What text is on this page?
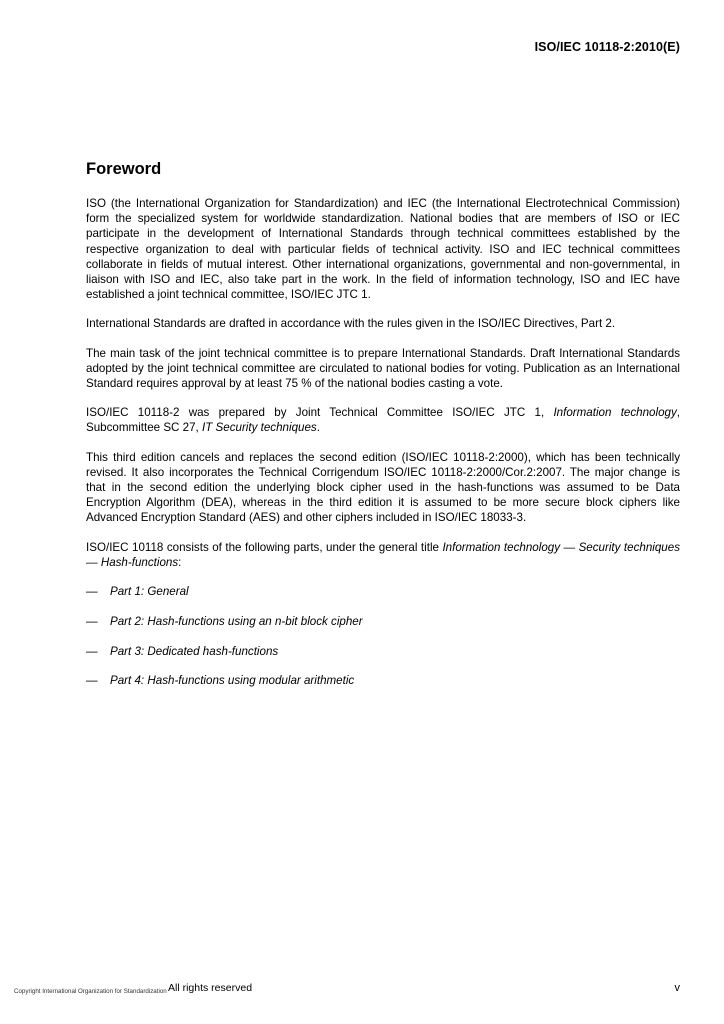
ISO/IEC 10118-2:2010(E)
Foreword

ISO (the International Organization for Standardization) and IEC (the International Electrotechnical Commission) form the specialized system for worldwide standardization. National bodies that are members of ISO or IEC participate in the development of International Standards through technical committees established by the respective organization to deal with particular fields of technical activity. ISO and IEC technical committees collaborate in fields of mutual interest. Other international organizations, governmental and non-governmental, in liaison with ISO and IEC, also take part in the work. In the field of information technology, ISO and IEC have established a joint technical committee, ISO/IEC JTC 1.

International Standards are drafted in accordance with the rules given in the ISO/IEC Directives, Part 2.

The main task of the joint technical committee is to prepare International Standards. Draft International Standards adopted by the joint technical committee are circulated to national bodies for voting. Publication as an International Standard requires approval by at least 75 % of the national bodies casting a vote.

ISO/IEC 10118-2 was prepared by Joint Technical Committee ISO/IEC JTC 1, Information technology, Subcommittee SC 27, IT Security techniques.

This third edition cancels and replaces the second edition (ISO/IEC 10118-2:2000), which has been technically revised. It also incorporates the Technical Corrigendum ISO/IEC 10118-2:2000/Cor.2:2007. The major change is that in the second edition the underlying block cipher used in the hash-functions was assumed to be Data Encryption Algorithm (DEA), whereas in the third edition it is assumed to be more secure block ciphers like Advanced Encryption Standard (AES) and other ciphers included in ISO/IEC 18033-3.

ISO/IEC 10118 consists of the following parts, under the general title Information technology — Security techniques — Hash-functions:

—	Part 1: General
—	Part 2: Hash-functions using an n-bit block cipher
—	Part 3: Dedicated hash-functions
—	Part 4: Hash-functions using modular arithmetic
Copyright International Organization for Standardization All rights reserved	v
